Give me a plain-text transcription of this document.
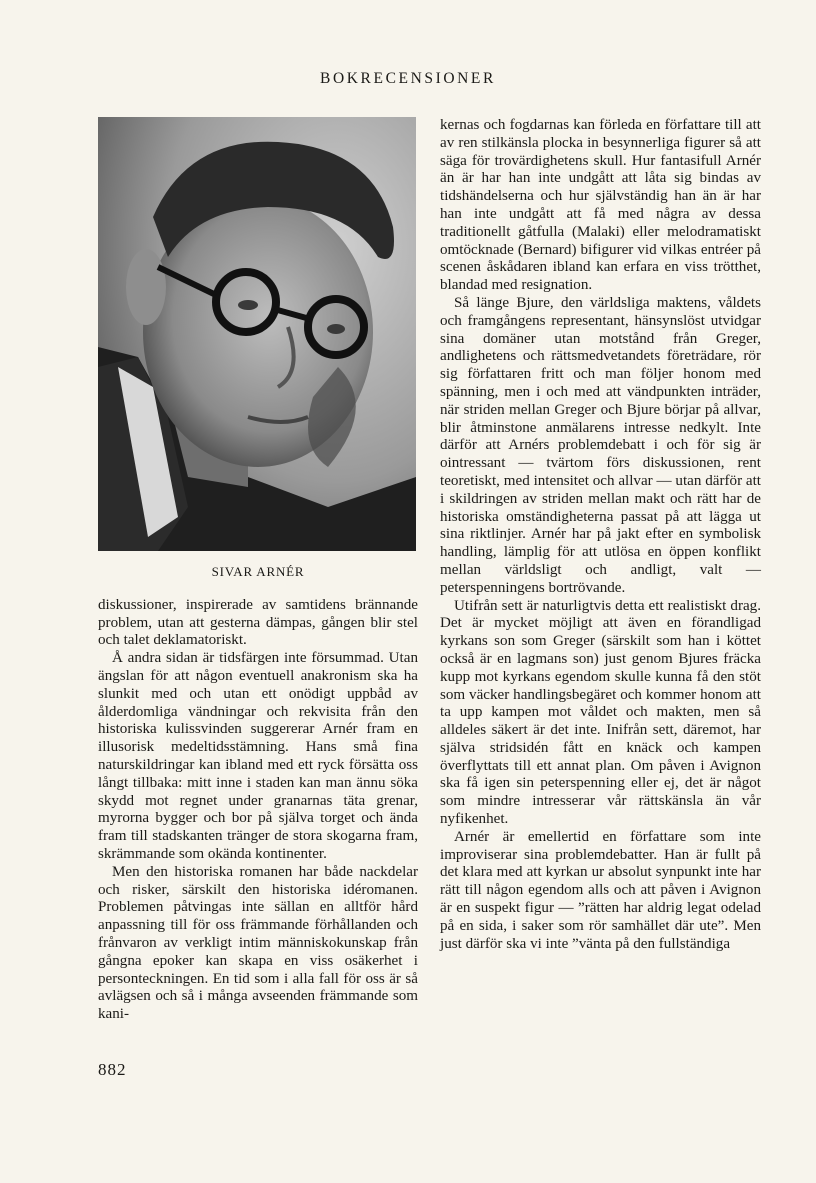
BOKRECENSIONER
SIVAR ARNÉR

diskussioner, inspirerade av samtidens brännande problem, utan att gesterna dämpas, gången blir stel och talet deklamatoriskt.

Å andra sidan är tidsfärgen inte försummad. Utan ängslan för att någon eventuell anakronism ska ha slunkit med och utan ett onödigt uppbåd av ålderdomliga vändningar och rekvisita från den historiska kulissvinden suggererar Arnér fram en illusorisk medeltidsstämning. Hans små fina naturskildringar kan ibland med ett ryck försätta oss långt tillbaka: mitt inne i staden kan man ännu söka skydd mot regnet under granarnas täta grenar, myrorna bygger och bor på själva torget och ända fram till stadskanten tränger de stora skogarna fram, skrämmande som okända kontinenter.

Men den historiska romanen har både nackdelar och risker, särskilt den historiska idéromanen. Problemen påtvingas inte sällan en alltför hård anpassning till för oss främmande förhållanden och frånvaron av verkligt intim människokunskap från gångna epoker kan skapa en viss osäkerhet i personteckningen. En tid som i alla fall för oss är så avlägsen och så i många avseenden främmande som kani-

kernas och fogdarnas kan förleda en författare till att av ren stilkänsla plocka in besynnerliga figurer så att säga för trovärdighetens skull. Hur fantasifull Arnér än är har han inte undgått att låta sig bindas av tidshändelserna och hur självständig han än är har han inte undgått att få med några av dessa traditionellt gåtfulla (Malaki) eller melodramatiskt omtöcknade (Bernard) bifigurer vid vilkas entréer på scenen åskådaren ibland kan erfara en viss trötthet, blandad med resignation.

Så länge Bjure, den världsliga maktens, våldets och framgångens representant, hänsynslöst utvidgar sina domäner utan motstånd från Greger, andlighetens och rättsmedvetandets företrädare, rör sig författaren fritt och man följer honom med spänning, men i och med att vändpunkten inträder, när striden mellan Greger och Bjure börjar på allvar, blir åtminstone anmälarens intresse nedkylt. Inte därför att Arnérs problemdebatt i och för sig är ointressant — tvärtom förs diskussionen, rent teoretiskt, med intensitet och allvar — utan därför att i skildringen av striden mellan makt och rätt har de historiska omständigheterna passat på att lägga ut sina riktlinjer. Arnér har på jakt efter en symbolisk handling, lämplig för att utlösa en öppen konflikt mellan världsligt och andligt, valt — peterspenningens bortrövande.

Utifrån sett är naturligtvis detta ett realistiskt drag. Det är mycket möjligt att även en förandligad kyrkans son som Greger (särskilt som han i köttet också är en lagmans son) just genom Bjures fräcka kupp mot kyrkans egendom skulle kunna få den stöt som väcker handlingsbegäret och kommer honom att ta upp kampen mot våldet och makten, men så alldeles säkert är det inte. Inifrån sett, däremot, har själva stridsidén fått en knäck och kampen överflyttats till ett annat plan. Om påven i Avignon ska få igen sin peterspenning eller ej, det är något som mindre intresserar vår rättskänsla än vår nyfikenhet.

Arnér är emellertid en författare som inte improviserar sina problemdebatter. Han är fullt på det klara med att kyrkan ur absolut synpunkt inte har rätt till någon egendom alls och att påven i Avignon är en suspekt figur — ”rätten har aldrig legat odelad på en sida, i saker som rör samhället där ute”. Men just därför ska vi inte ”vänta på den fullständiga

882
